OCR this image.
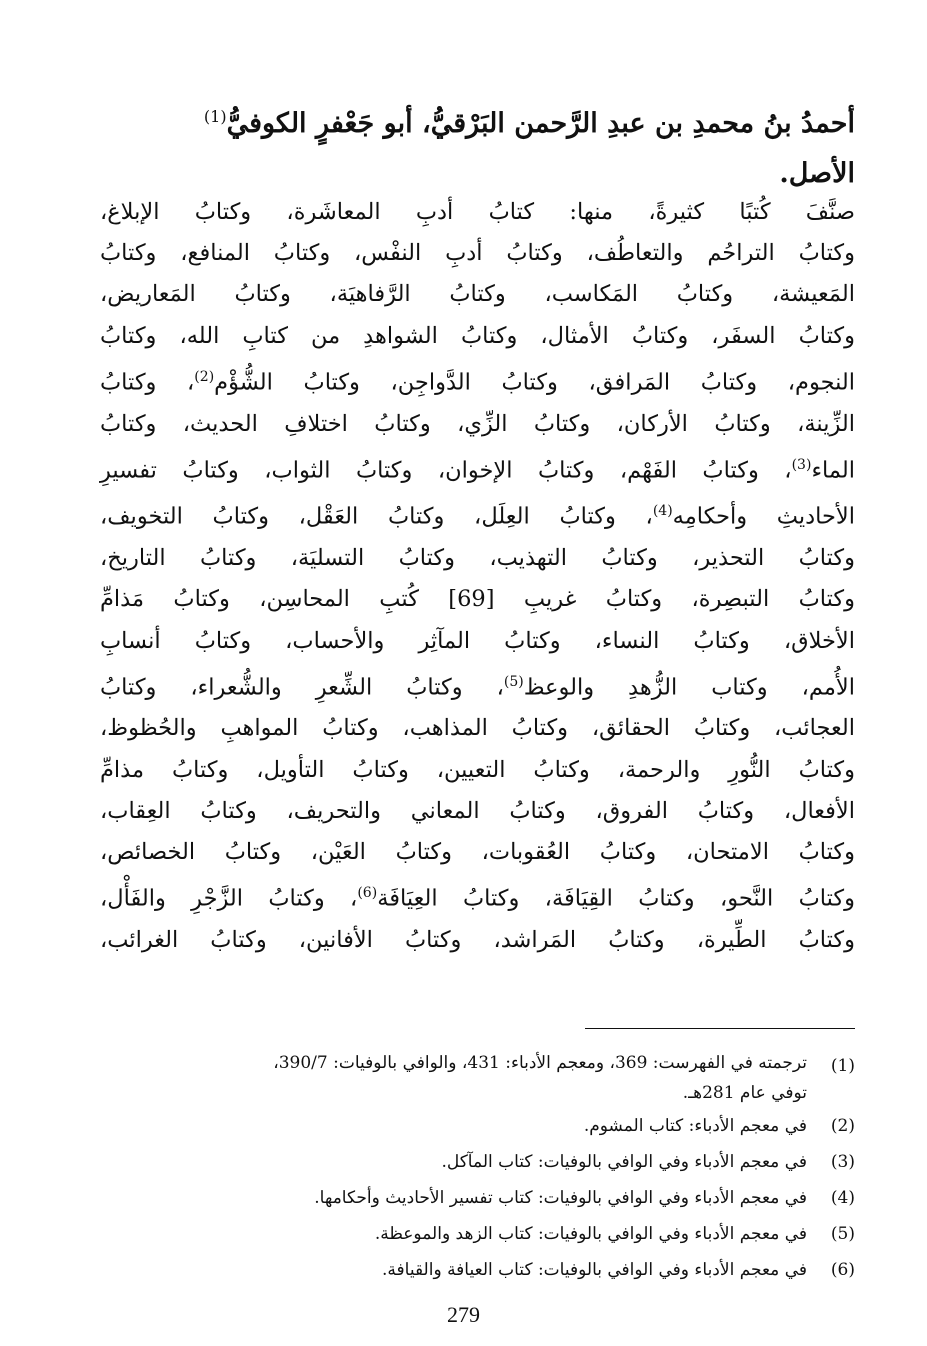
أحمدُ بنُ محمدِ بن عبدِ الرَّحمن البَرْقيُّ، أبو جَعْفرٍ الكوفيُّ$^{(1)}$
الأصل.
صنَّفَ كُتبًا كثيرةً، منها: كتابُ أدبِ المعاشَرة، وكتابُ الإبلاغ،
وكتابُ التراحُم والتعاطُف، وكتابُ أدبِ النفْس، وكتابُ المنافع، وكتابُ
المَعيشة، وكتابُ المَكاسب، وكتابُ الرَّفاهيَة، وكتابُ المَعاريض،
وكتابُ السفَر، وكتابُ الأمثال، وكتابُ الشواهدِ من كتابِ الله، وكتابُ
النجوم، وكتابُ المَرافق، وكتابُ الدَّواجِن، وكتابُ الشُّؤْم$^{(2)}$، وكتابُ
الزِّينة، وكتابُ الأركان، وكتابُ الزِّي، وكتابُ اختلافِ الحديث، وكتابُ
الماء$^{(3)}$، وكتابُ الفَهْم، وكتابُ الإخوان، وكتابُ الثواب، وكتابُ تفسيرِ
الأحاديثِ وأحكامِه$^{(4)}$، وكتابُ العِلَل، وكتابُ العَقْل، وكتابُ التخويف،
وكتابُ التحذير، وكتابُ التهذيب، وكتابُ التسليَة، وكتابُ التاريخ،
وكتابُ التبصِرة، وكتابُ غريبِ [69] كُتبِ المحاسِن، وكتابُ مَذامِّ
الأخلاق، وكتابُ النساء، وكتابُ المآثِر والأحساب، وكتابُ أنسابِ
الأُمم، وكتاب الزُّهدِ والوعظ$^{(5)}$، وكتابُ الشِّعرِ والشُّعراء، وكتابُ
العجائب، وكتابُ الحقائق، وكتابُ المذاهب، وكتابُ المواهبِ والحُظوظ،
وكتابُ النُّورِ والرحمة، وكتابُ التعيين، وكتابُ التأويل، وكتابُ مذامِّ
الأفعال، وكتابُ الفروق، وكتابُ المعاني والتحريف، وكتابُ العِقاب،
وكتابُ الامتحان، وكتابُ العُقوبات، وكتابُ العَيْن، وكتابُ الخصائص،
وكتابُ النَّحو، وكتابُ القِيَافَة، وكتابُ العِيَافَة$^{(6)}$، وكتابُ الزَّجْرِ والفَأْل،
وكتابُ الطِّيرة، وكتابُ المَراشد، وكتابُ الأفانين، وكتابُ الغرائب،
(1)
ترجمته في الفهرست: 369، ومعجم الأدباء: 431، والوافي بالوفيات: 390/7،
توفي عام 281هـ.
(2)
في معجم الأدباء: كتاب المشوم.
(3)
في معجم الأدباء وفي الوافي بالوفيات: كتاب المآكل.
(4)
في معجم الأدباء وفي الوافي بالوفيات: كتاب تفسير الأحاديث وأحكامها.
(5)
في معجم الأدباء وفي الوافي بالوفيات: كتاب الزهد والموعظة.
(6)
في معجم الأدباء وفي الوافي بالوفيات: كتاب العيافة والقيافة.
279
